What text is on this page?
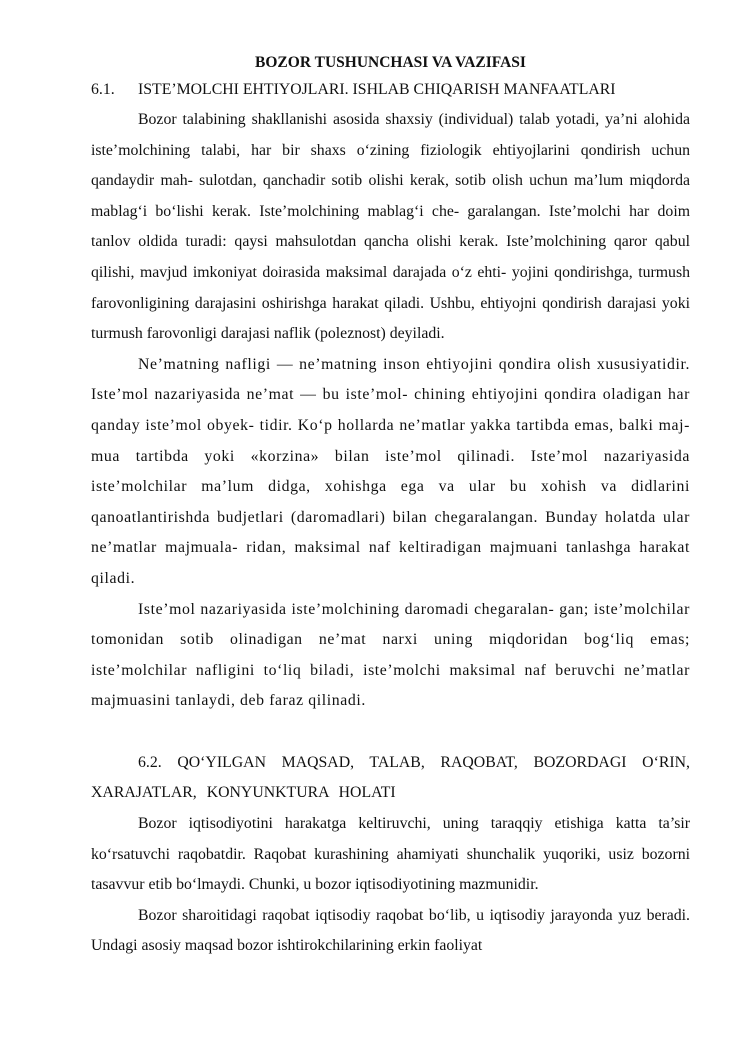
BOZOR TUSHUNCHASI VA VAZIFASI
6.1.	ISTE’MOLCHI EHTIYOJLARI. ISHLAB CHIQARISH MANFAATLARI

Bozor talabining shakllanishi asosida shaxsiy (individual) talab yotadi, ya’ni alohida iste’molchining talabi, har bir shaxs o‘zining fiziologik ehtiyojlarini qondirish uchun qandaydir mah- sulotdan, qanchadir sotib olishi kerak, sotib olish uchun ma’lum miqdorda mablag‘i bo‘lishi kerak. Iste’molchining mablag‘i che- garalangan. Iste’molchi har doim tanlov oldida turadi: qaysi mahsulotdan qancha olishi kerak. Iste’molchining qaror qabul qilishi, mavjud imkoniyat doirasida maksimal darajada o‘z ehti- yojini qondirishga, turmush farovonligining darajasini oshirishga harakat qiladi. Ushbu, ehtiyojni qondirish darajasi yoki turmush farovonligi darajasi naflik (poleznost) deyiladi.

Ne’matning nafligi — ne’matning inson ehtiyojini qondira olish xususiyatidir. Iste’mol nazariyasida ne’mat — bu iste’mol- chining ehtiyojini qondira oladigan har qanday iste’mol obyek- tidir. Ko‘p hollarda ne’matlar yakka tartibda emas, balki maj- mua tartibda yoki «korzina» bilan iste’mol qilinadi. Iste’mol nazariyasida iste’molchilar ma’lum didga, xohishga ega va ular bu xohish va didlarini qanoatlantirishda budjetlari (daromadlari) bilan chegaralangan. Bunday holatda ular ne’matlar majmuala- ridan, maksimal naf keltiradigan majmuani tanlashga harakat qiladi.

Iste’mol nazariyasida iste’molchining daromadi chegaralan- gan; iste’molchilar tomonidan sotib olinadigan ne’mat narxi uning miqdoridan bog‘liq emas; iste’molchilar nafligini to‘liq biladi, iste’molchi maksimal naf beruvchi ne’matlar majmuasini tanlaydi, deb faraz qilinadi.

6.2. QO‘YILGAN MAQSAD, TALAB, RAQOBAT, BOZORDAGI O‘RIN, XARAJATLAR, KONYUNKTURA HOLATI

Bozor iqtisodiyotini harakatga keltiruvchi, uning taraqqiy etishiga katta ta’sir ko‘rsatuvchi raqobatdir. Raqobat kurashining ahamiyati shunchalik yuqoriki, usiz bozorni tasavvur etib bo‘lmaydi. Chunki, u bozor iqtisodiyotining mazmunidir.

Bozor sharoitidagi raqobat iqtisodiy raqobat bo‘lib, u iqtisodiy jarayonda yuz beradi. Undagi asosiy maqsad bozor ishtirokchilarining erkin faoliyat
